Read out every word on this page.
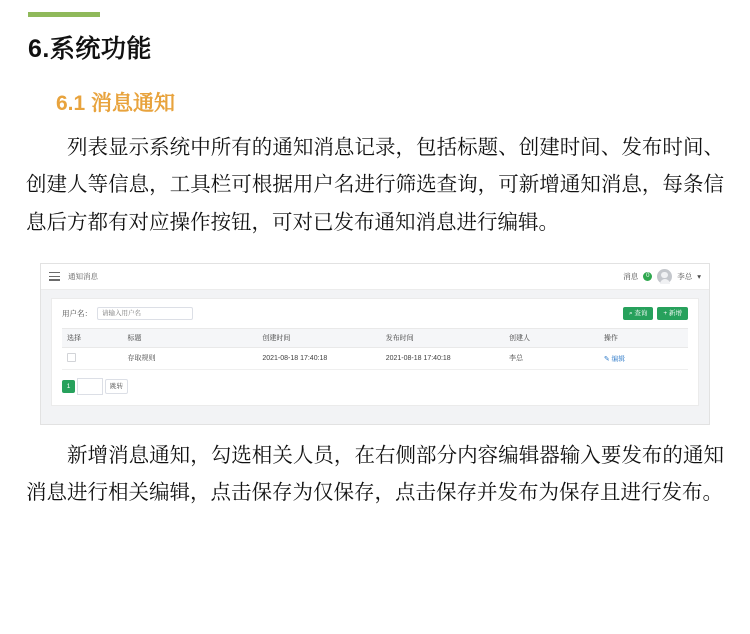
6.系统功能
6.1 消息通知

列表显示系统中所有的通知消息记录，包括标题、创建时间、发布时间、创建人等信息，工具栏可根据用户名进行筛选查询，可新增通知消息，每条信息后方都有对应操作按钮，可对已发布通知消息进行编辑。

通知消息	消息	0	李总 ▾
用户名：
请输入用户名	⌕ 查询	+ 新增
选择	标题	创建时间	发布时间	创建人	操作
	存取规则	2021-08-18 17:40:18	2021-08-18 17:40:18	李总	✎ 编辑
1	跳转

新增消息通知，勾选相关人员，在右侧部分内容编辑器输入要发布的通知消息进行相关编辑，点击保存为仅保存，点击保存并发布为保存且进行发布。
